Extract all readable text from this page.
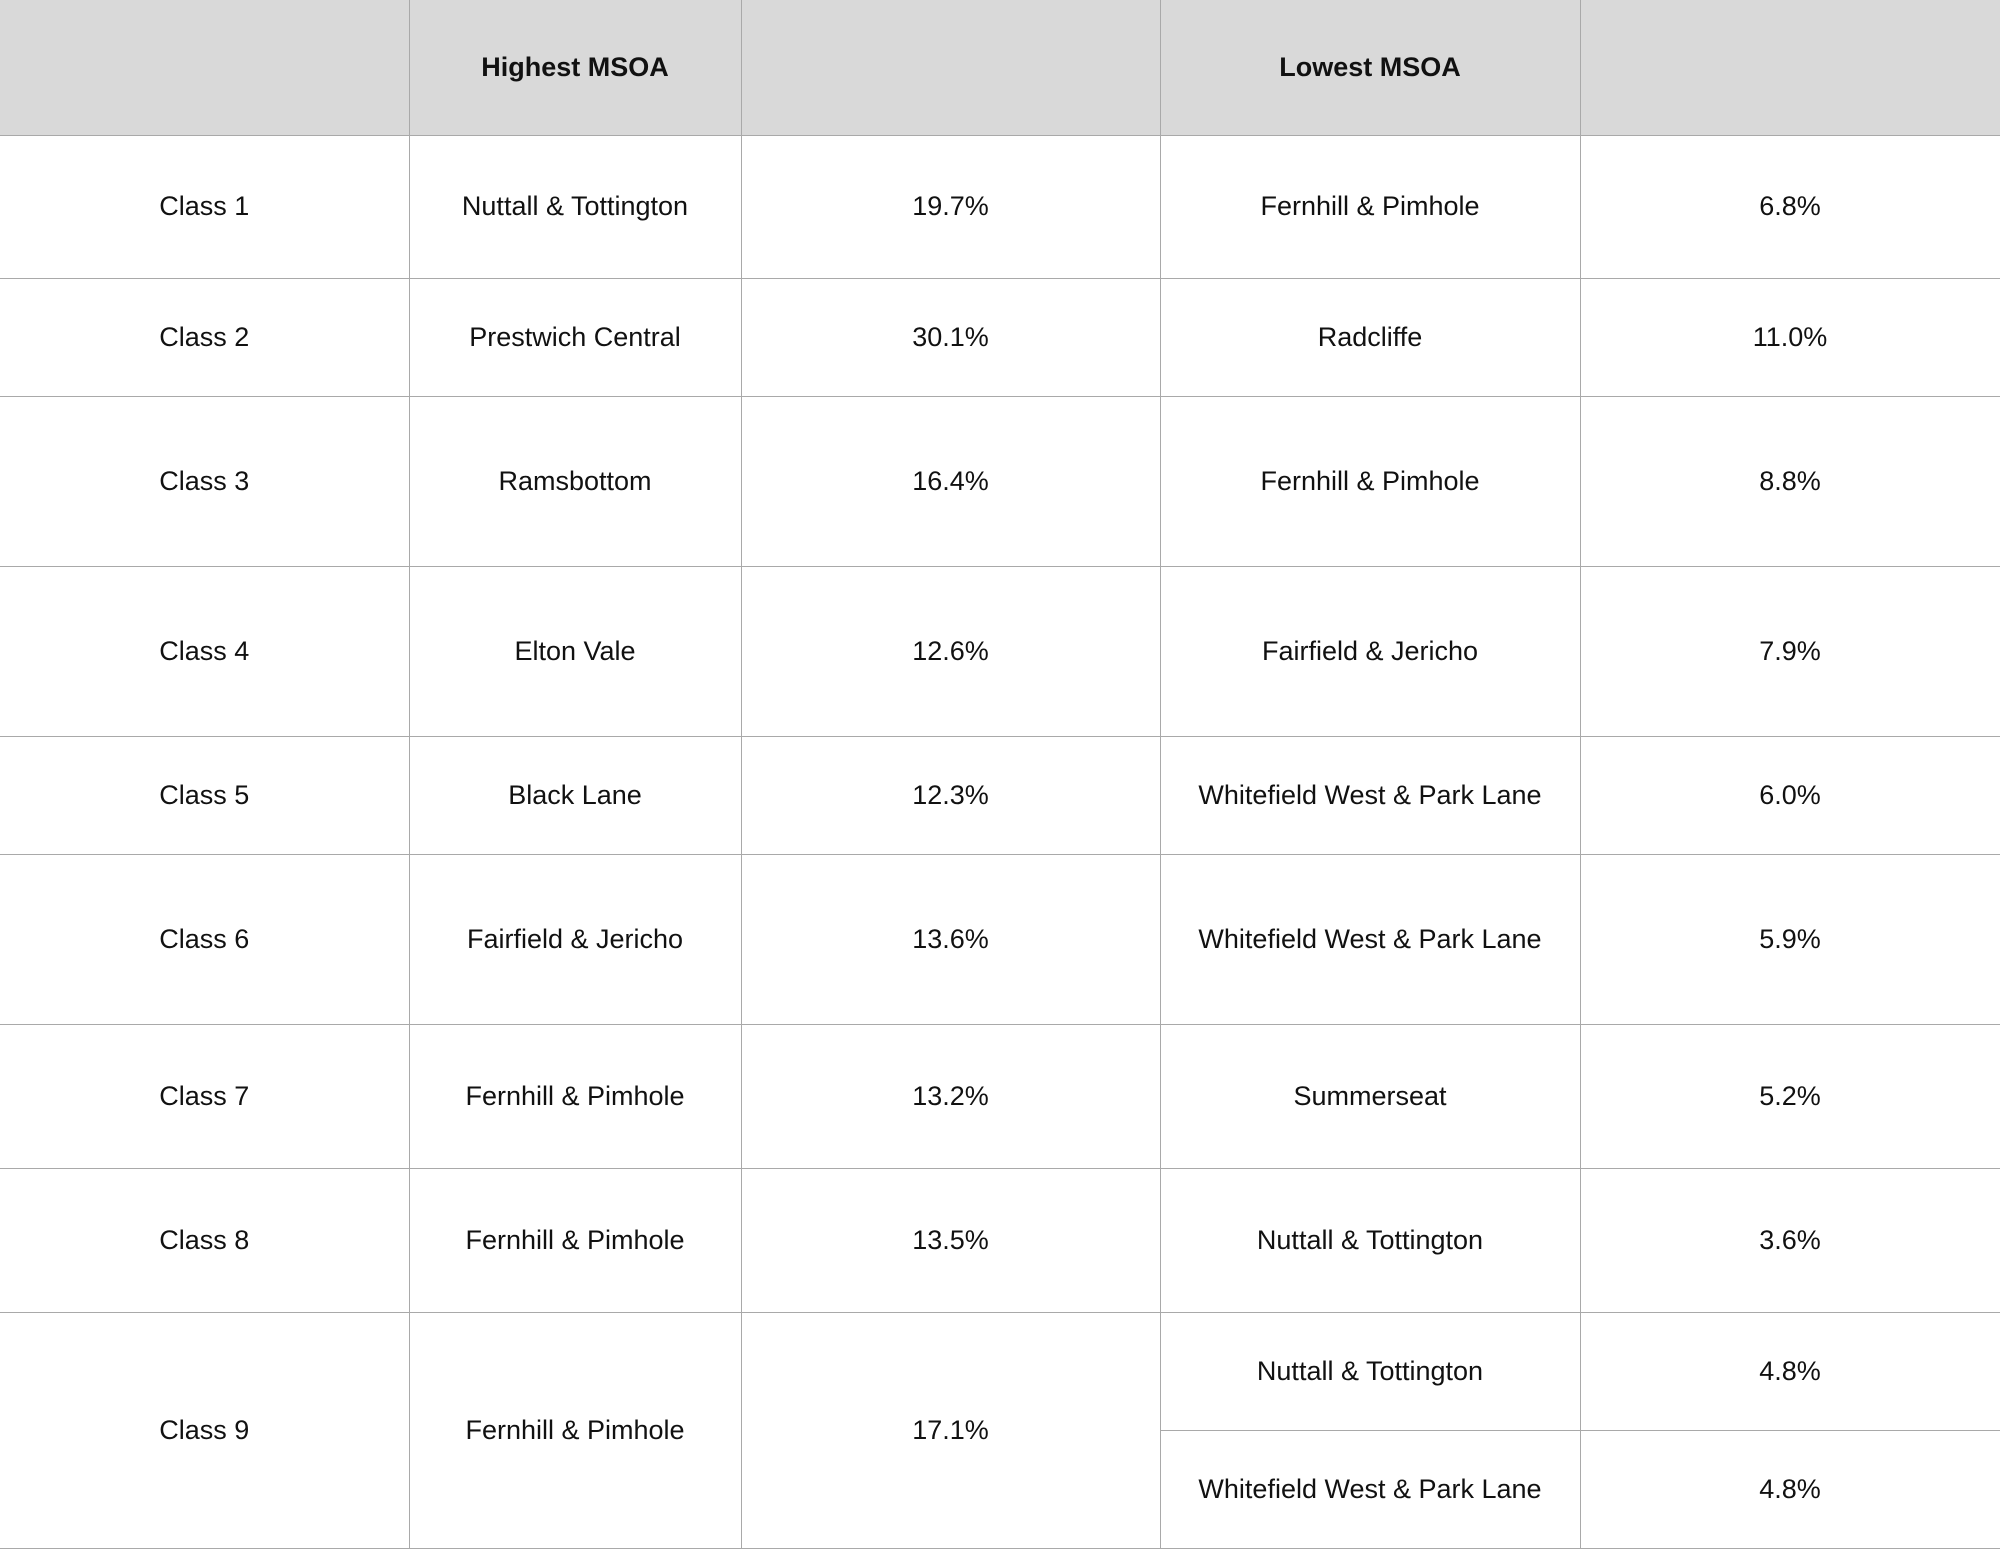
	Highest MSOA		Lowest MSOA	
Class 1	Nuttall & Tottington	19.7%	Fernhill & Pimhole	6.8%
Class 2	Prestwich Central	30.1%	Radcliffe	11.0%
Class 3	Ramsbottom	16.4%	Fernhill & Pimhole	8.8%
Class 4	Elton Vale	12.6%	Fairfield & Jericho	7.9%
Class 5	Black Lane	12.3%	Whitefield West & Park Lane	6.0%
Class 6	Fairfield & Jericho	13.6%	Whitefield West & Park Lane	5.9%
Class 7	Fernhill & Pimhole	13.2%	Summerseat	5.2%
Class 8	Fernhill & Pimhole	13.5%	Nuttall & Tottington	3.6%
Class 9	Fernhill & Pimhole	17.1%	Nuttall & Tottington	4.8%
			Whitefield West & Park Lane	4.8%
